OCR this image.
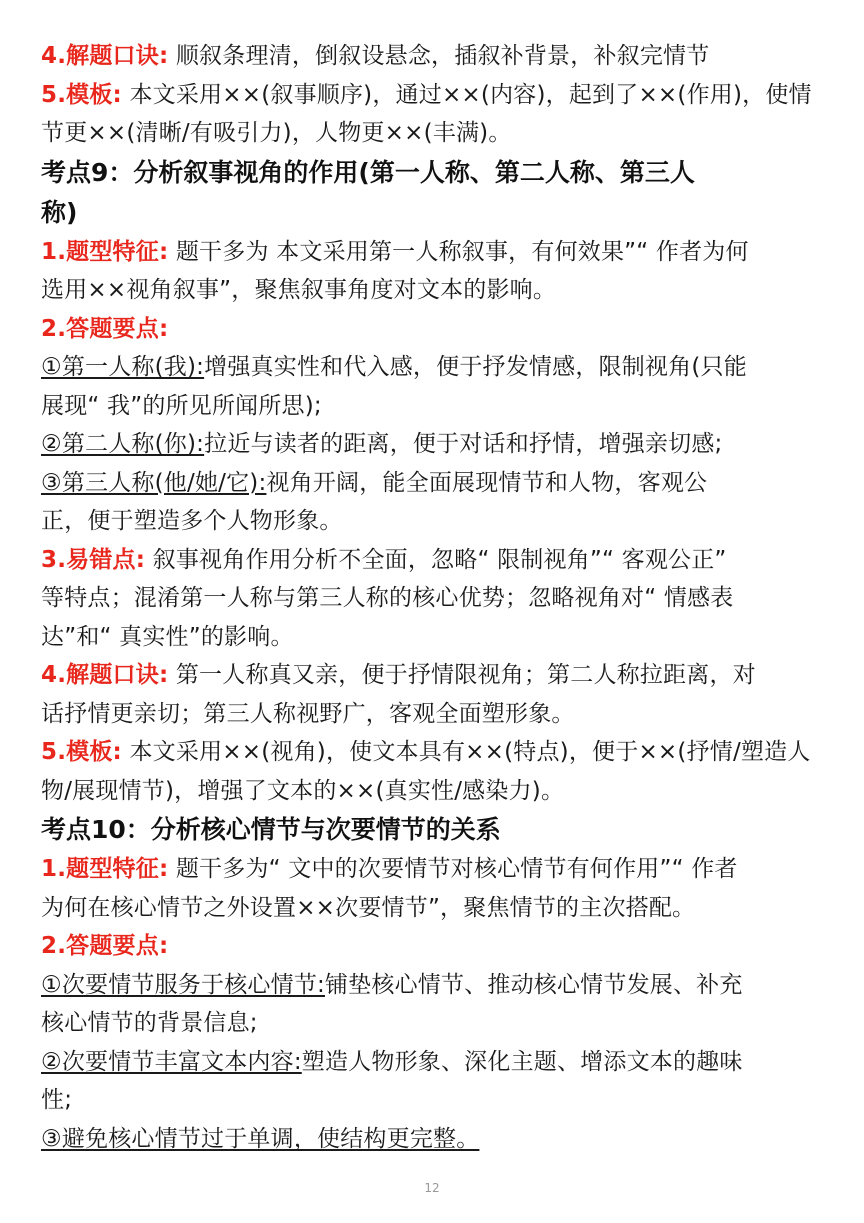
4.解题口诀: 顺叙条理清，倒叙设悬念，插叙补背景，补叙完情节
5.模板: 本文采用××(叙事顺序)，通过××(内容)，起到了××(作用)，使情
节更××(清晰/有吸引力)，人物更××(丰满)。
考点9：分析叙事视角的作用(第一人称、第二人称、第三人
称)
1.题型特征: 题干多为 本文采用第一人称叙事，有何效果”“ 作者为何
选用××视角叙事”，聚焦叙事角度对文本的影响。
2.答题要点:
①第一人称(我):增强真实性和代入感，便于抒发情感，限制视角(只能
展现“ 我”的所见所闻所思);
②第二人称(你):拉近与读者的距离，便于对话和抒情，增强亲切感;
③第三人称(他/她/它):视角开阔，能全面展现情节和人物，客观公
正，便于塑造多个人物形象。
3.易错点: 叙事视角作用分析不全面，忽略“ 限制视角”“ 客观公正”
等特点；混淆第一人称与第三人称的核心优势；忽略视角对“ 情感表
达”和“ 真实性”的影响。
4.解题口诀: 第一人称真又亲，便于抒情限视角；第二人称拉距离，对
话抒情更亲切；第三人称视野广，客观全面塑形象。
5.模板: 本文采用××(视角)，使文本具有××(特点)，便于××(抒情/塑造人
物/展现情节)，增强了文本的××(真实性/感染力)。
考点10：分析核心情节与次要情节的关系
1.题型特征: 题干多为“ 文中的次要情节对核心情节有何作用”“ 作者
为何在核心情节之外设置××次要情节”，聚焦情节的主次搭配。
2.答题要点:
①次要情节服务于核心情节:铺垫核心情节、推动核心情节发展、补充
核心情节的背景信息;
②次要情节丰富文本内容:塑造人物形象、深化主题、增添文本的趣味
性;
③避免核心情节过于单调，使结构更完整。
12
